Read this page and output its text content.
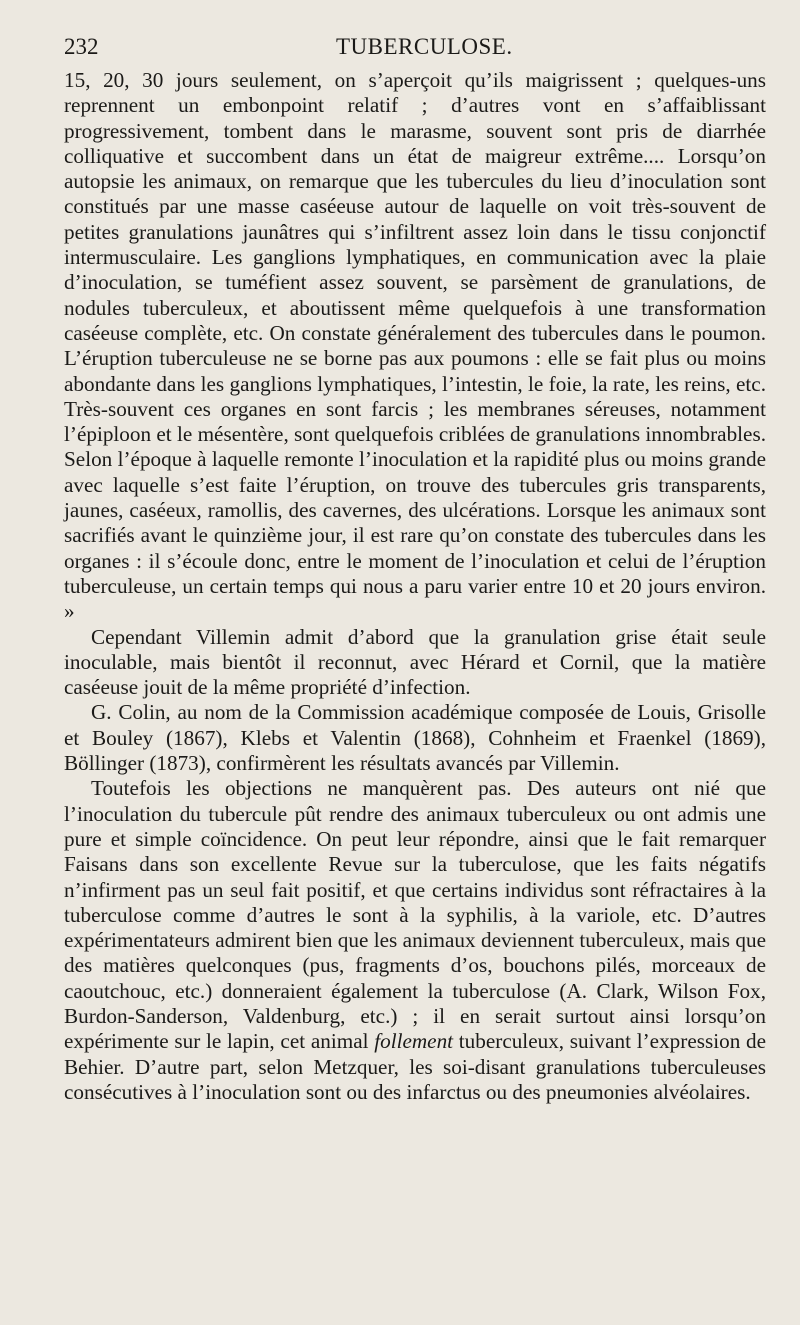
232	TUBERCULOSE.

15, 20, 30 jours seulement, on s’aperçoit qu’ils maigrissent ; quelques-uns reprennent un embonpoint relatif ; d’autres vont en s’affaiblissant progressivement, tombent dans le marasme, souvent sont pris de diarrhée colliquative et succombent dans un état de maigreur extrême.... Lorsqu’on autopsie les animaux, on remarque que les tubercules du lieu d’inoculation sont constitués par une masse caséeuse autour de laquelle on voit très-souvent de petites granulations jaunâtres qui s’infiltrent assez loin dans le tissu conjonctif intermusculaire. Les ganglions lymphatiques, en communication avec la plaie d’inoculation, se tuméfient assez souvent, se parsèment de granulations, de nodules tuberculeux, et aboutissent même quelquefois à une transformation caséeuse complète, etc. On constate généralement des tubercules dans le poumon. L’éruption tuberculeuse ne se borne pas aux poumons : elle se fait plus ou moins abondante dans les ganglions lymphatiques, l’intestin, le foie, la rate, les reins, etc. Très-souvent ces organes en sont farcis ; les membranes séreuses, notamment l’épiploon et le mésentère, sont quelquefois criblées de granulations innombrables. Selon l’époque à laquelle remonte l’inoculation et la rapidité plus ou moins grande avec laquelle s’est faite l’éruption, on trouve des tubercules gris transparents, jaunes, caséeux, ramollis, des cavernes, des ulcérations. Lorsque les animaux sont sacrifiés avant le quinzième jour, il est rare qu’on constate des tubercules dans les organes : il s’écoule donc, entre le moment de l’inoculation et celui de l’éruption tuberculeuse, un certain temps qui nous a paru varier entre 10 et 20 jours environ. »

Cependant Villemin admit d’abord que la granulation grise était seule inoculable, mais bientôt il reconnut, avec Hérard et Cornil, que la matière caséeuse jouit de la même propriété d’infection.

G. Colin, au nom de la Commission académique composée de Louis, Grisolle et Bouley (1867), Klebs et Valentin (1868), Cohnheim et Fraenkel (1869), Böllinger (1873), confirmèrent les résultats avancés par Villemin.

Toutefois les objections ne manquèrent pas. Des auteurs ont nié que l’inoculation du tubercule pût rendre des animaux tuberculeux ou ont admis une pure et simple coïncidence. On peut leur répondre, ainsi que le fait remarquer Faisans dans son excellente Revue sur la tuberculose, que les faits négatifs n’infirment pas un seul fait positif, et que certains individus sont réfractaires à la tuberculose comme d’autres le sont à la syphilis, à la variole, etc. D’autres expérimentateurs admirent bien que les animaux deviennent tuberculeux, mais que des matières quelconques (pus, fragments d’os, bouchons pilés, morceaux de caoutchouc, etc.) donneraient également la tuberculose (A. Clark, Wilson Fox, Burdon-Sanderson, Valdenburg, etc.) ; il en serait surtout ainsi lorsqu’on expérimente sur le lapin, cet animal follement tuberculeux, suivant l’expression de Behier. D’autre part, selon Metzquer, les soi-disant granulations tuberculeuses consécutives à l’inoculation sont ou des infarctus ou des pneumonies alvéolaires.
